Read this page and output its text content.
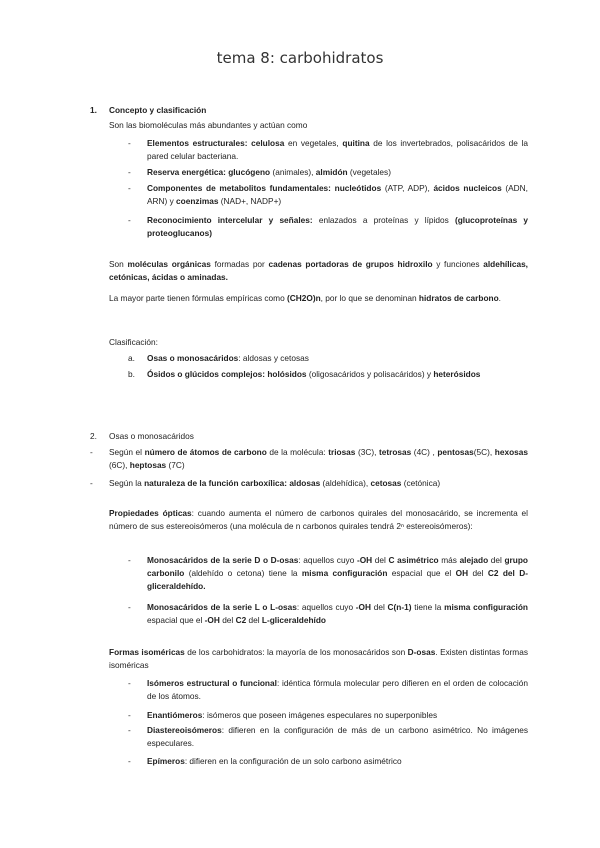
tema 8: carbohidratos
1. Concepto y clasificación
Son las biomoléculas más abundantes y actúan como
- Elementos estructurales: celulosa en vegetales, quitina de los invertebrados, polisacáridos de la pared celular bacteriana.
- Reserva energética: glucógeno (animales), almidón (vegetales)
- Componentes de metabolitos fundamentales: nucleótidos (ATP, ADP), ácidos nucleicos (ADN, ARN) y coenzimas (NAD+, NADP+)
- Reconocimiento intercelular y señales: enlazados a proteínas y lípidos (glucoproteínas y proteoglucanos)
Son moléculas orgánicas formadas por cadenas portadoras de grupos hidroxilo y funciones aldehílicas, cetónicas, ácidas o aminadas.
La mayor parte tienen fórmulas empíricas como (CH2O)n, por lo que se denominan hidratos de carbono.
Clasificación:
a. Osas o monosacáridos: aldosas y cetosas
b. Ósidos o glúcidos complejos: holósidos (oligosacáridos y polisacáridos) y heterósidos
2. Osas o monosacáridos
- Según el número de átomos de carbono de la molécula: triosas (3C), tetrosas (4C) , pentosas(5C), hexosas (6C), heptosas (7C)
- Según la naturaleza de la función carboxílica: aldosas (aldehídica), cetosas (cetónica)
Propiedades ópticas: cuando aumenta el número de carbonos quirales del monosacárido, se incrementa el número de sus estereoisómeros (una molécula de n carbonos quirales tendrá 2ⁿ estereoisómeros):
- Monosacáridos de la serie D o D-osas: aquellos cuyo -OH del C asimétrico más alejado del grupo carbonilo (aldehído o cetona) tiene la misma configuración espacial que el OH del C2 del D-gliceraldehído.
- Monosacáridos de la serie L o L-osas: aquellos cuyo -OH del C(n-1) tiene la misma configuración espacial que el -OH del C2 del L-gliceraldehído
Formas isoméricas de los carbohidratos: la mayoría de los monosacáridos son D-osas. Existen distintas formas isoméricas
- Isómeros estructural o funcional: idéntica fórmula molecular pero difieren en el orden de colocación de los átomos.
- Enantiómeros: isómeros que poseen imágenes especulares no superponibles
- Diastereoisómeros: difieren en la configuración de más de un carbono asimétrico. No imágenes especulares.
- Epímeros: difieren en la configuración de un solo carbono asimétrico
